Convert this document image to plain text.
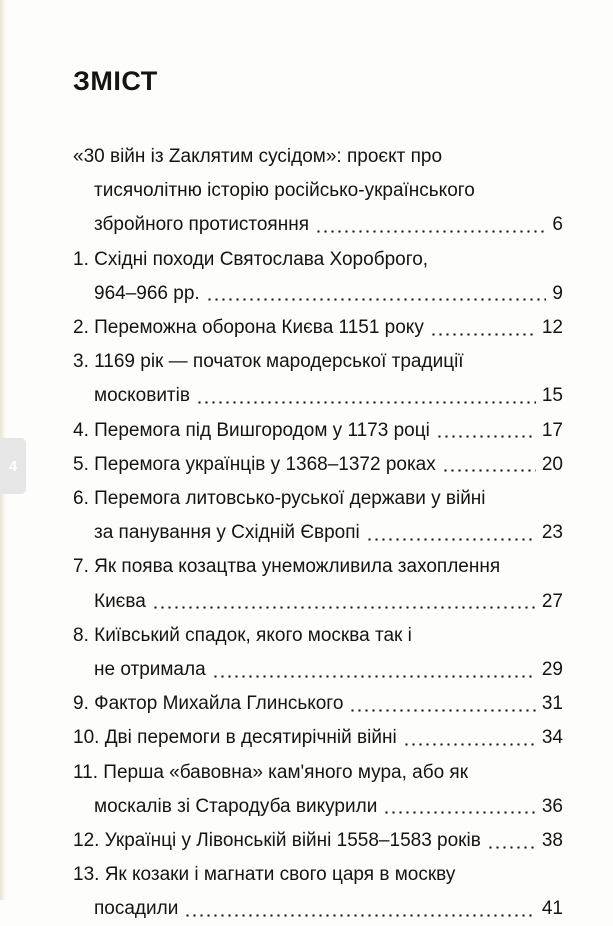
4
ЗМІСТ
«30 війн із Zаклятим сусідом»: проєкт про
тисячолітню історію російсько-українського
збройного протистояння	6
1. Східні походи Святослава Хороброго,
964–966 рр.	9
2. Переможна оборона Києва 1151 року	12
3. 1169 рік — початок мародерської традиції
московитів	15
4. Перемога під Вишгородом у 1173 році	17
5. Перемога українців у 1368–1372 роках	20
6. Перемога литовсько-руської держави у війні
за панування у Східній Європі	23
7. Як поява козацтва унеможливила захоплення
Києва	27
8. Київський спадок, якого москва так і
не отримала	29
9. Фактор Михайла Глинського	31
10. Дві перемоги в десятирічній війні	34
11. Перша «бавовна» кам'яного мура, або як
москалів зі Стародуба викурили	36
12. Українці у Лівонській війні 1558–1583 років	38
13. Як козаки і магнати свого царя в москву
посадили	41
